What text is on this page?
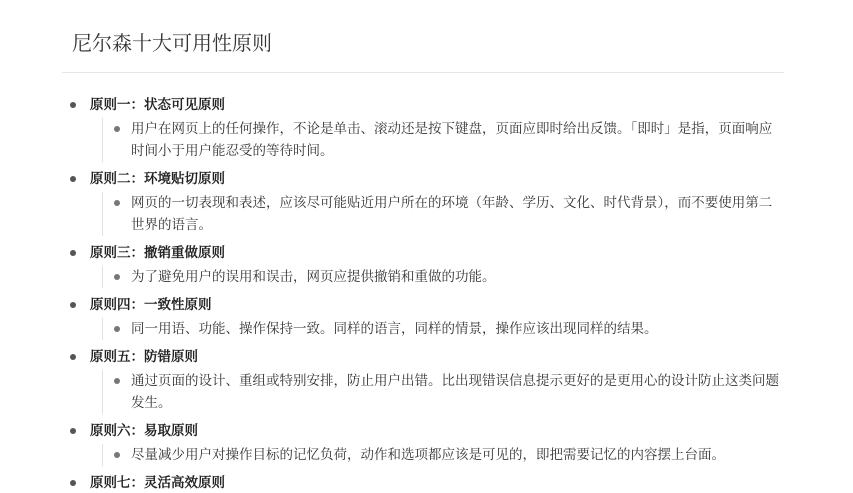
尼尔森十大可用性原则
原则一：状态可见原则
用户在网页上的任何操作，不论是单击、滚动还是按下键盘，页面应即时给出反馈。「即时」是指，页面响应时间小于用户能忍受的等待时间。
原则二：环境贴切原则
网页的一切表现和表述，应该尽可能贴近用户所在的环境（年龄、学历、文化、时代背景），而不要使用第二世界的语言。
原则三：撤销重做原则
为了避免用户的误用和误击，网页应提供撤销和重做的功能。
原则四：一致性原则
同一用语、功能、操作保持一致。同样的语言，同样的情景，操作应该出现同样的结果。
原则五：防错原则
通过页面的设计、重组或特别安排，防止用户出错。比出现错误信息提示更好的是更用心的设计防止这类问题发生。
原则六：易取原则
尽量减少用户对操作目标的记忆负荷，动作和选项都应该是可见的，即把需要记忆的内容摆上台面。
原则七：灵活高效原则
